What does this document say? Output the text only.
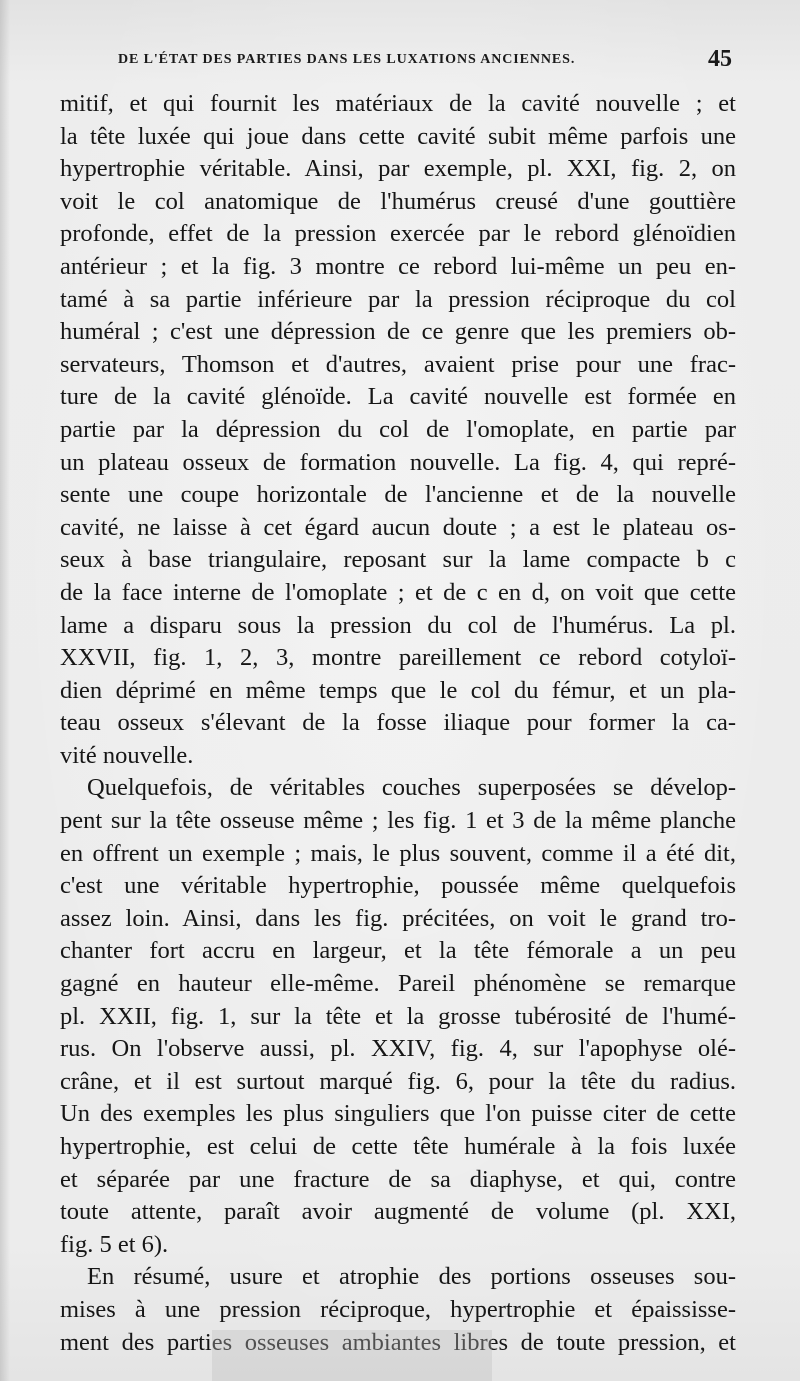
DE L'ÉTAT DES PARTIES DANS LES LUXATIONS ANCIENNES.	45
mitif, et qui fournit les matériaux de la cavité nouvelle ; et
la tête luxée qui joue dans cette cavité subit même parfois une
hypertrophie véritable. Ainsi, par exemple, pl. XXI, fig. 2, on
voit le col anatomique de l'humérus creusé d'une gouttière
profonde, effet de la pression exercée par le rebord glénoïdien
antérieur ; et la fig. 3 montre ce rebord lui-même un peu en-
tamé à sa partie inférieure par la pression réciproque du col
huméral ; c'est une dépression de ce genre que les premiers ob-
servateurs, Thomson et d'autres, avaient prise pour une frac-
ture de la cavité glénoïde. La cavité nouvelle est formée en
partie par la dépression du col de l'omoplate, en partie par
un plateau osseux de formation nouvelle. La fig. 4, qui repré-
sente une coupe horizontale de l'ancienne et de la nouvelle
cavité, ne laisse à cet égard aucun doute ; a est le plateau os-
seux à base triangulaire, reposant sur la lame compacte b c
de la face interne de l'omoplate ; et de c en d, on voit que cette
lame a disparu sous la pression du col de l'humérus. La pl.
XXVII, fig. 1, 2, 3, montre pareillement ce rebord cotyloï-
dien déprimé en même temps que le col du fémur, et un pla-
teau osseux s'élevant de la fosse iliaque pour former la ca-
vité nouvelle.
Quelquefois, de véritables couches superposées se dévelop-
pent sur la tête osseuse même ; les fig. 1 et 3 de la même planche
en offrent un exemple ; mais, le plus souvent, comme il a été dit,
c'est une véritable hypertrophie, poussée même quelquefois
assez loin. Ainsi, dans les fig. précitées, on voit le grand tro-
chanter fort accru en largeur, et la tête fémorale a un peu
gagné en hauteur elle-même. Pareil phénomène se remarque
pl. XXII, fig. 1, sur la tête et la grosse tubérosité de l'humé-
rus. On l'observe aussi, pl. XXIV, fig. 4, sur l'apophyse olé-
crâne, et il est surtout marqué fig. 6, pour la tête du radius.
Un des exemples les plus singuliers que l'on puisse citer de cette
hypertrophie, est celui de cette tête humérale à la fois luxée
et séparée par une fracture de sa diaphyse, et qui, contre
toute attente, paraît avoir augmenté de volume (pl. XXI,
fig. 5 et 6).
En résumé, usure et atrophie des portions osseuses sou-
mises à une pression réciproque, hypertrophie et épaississe-
ment des parties osseuses ambiantes libres de toute pression, et
